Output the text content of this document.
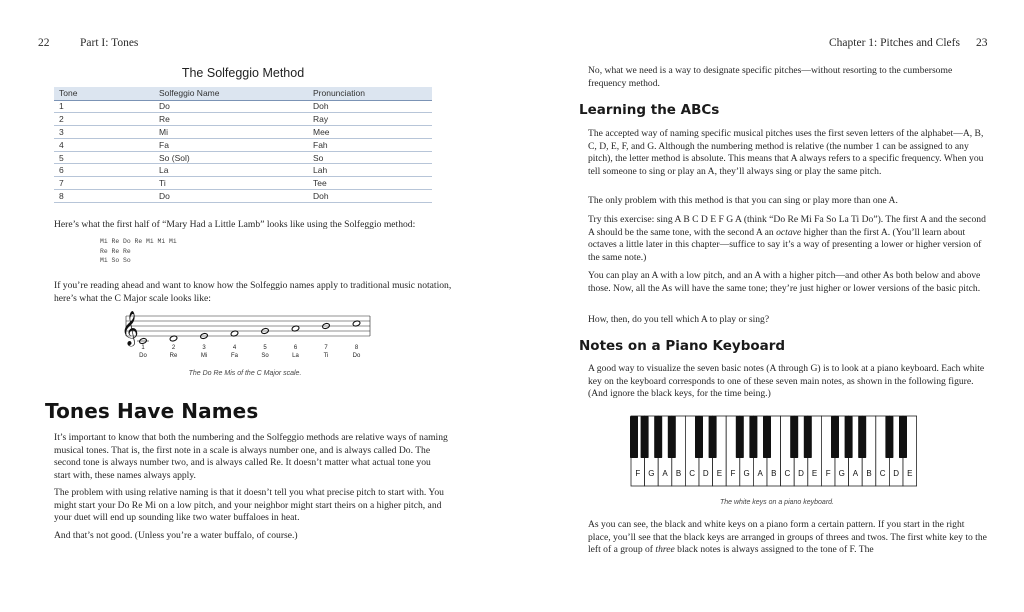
22	Part I: Tones
The Solfeggio Method
Tone	Solfeggio Name	Pronunciation
1	Do	Doh
2	Re	Ray
3	Mi	Mee
4	Fa	Fah
5	So (Sol)	So
6	La	Lah
7	Ti	Tee
8	Do	Doh

Here’s what the first half of “Mary Had a Little Lamb” looks like using the Solfeggio method:

Mi Re Do Re Mi Mi Mi
Re Re Re
Mi So So

If you’re reading ahead and want to know how the Solfeggio names apply to traditional music notation, here’s what the C Major scale looks like:

𝄞
1
Do
2
Re
3
Mi
4
Fa
5
So
6
La
7
Ti
8
Do
The Do Re Mis of the C Major scale.
Tones Have Names

It’s important to know that both the numbering and the Solfeggio methods are relative ways of naming musical tones. That is, the first note in a scale is always number one, and is always called Do. The second tone is always number two, and is always called Re. It doesn’t matter what actual tone you start with, these names always apply.

The problem with using relative naming is that it doesn’t tell you what precise pitch to start with. You might start your Do Re Mi on a low pitch, and your neighbor might start theirs on a higher pitch, and your duet will end up sounding like two water buffaloes in heat.

And that’s not good. (Unless you’re a water buffalo, of course.)

Chapter 1: Pitches and Clefs 23

No, what we need is a way to designate specific pitches—without resorting to the cumbersome frequency method.

Learning the ABCs

The accepted way of naming specific musical pitches uses the first seven letters of the alphabet—A, B, C, D, E, F, and G. Although the numbering method is relative (the number 1 can be assigned to any pitch), the letter method is absolute. This means that A always refers to a specific frequency. When you tell someone to sing or play an A, they’ll always sing or play the same pitch.

The only problem with this method is that you can sing or play more than one A.

Try this exercise: sing A B C D E F G A (think “Do Re Mi Fa So La Ti Do”). The first A and the second A should be the same tone, with the second A an octave higher than the first A. (You’ll learn about octaves a little later in this chapter—suffice to say it’s a way of presenting a lower or higher version of the same note.)

You can play an A with a low pitch, and an A with a higher pitch—and other As both below and above those. Now, all the As will have the same tone; they’re just higher or lower versions of the basic pitch.

How, then, do you tell which A to play or sing?

Notes on a Piano Keyboard

A good way to visualize the seven basic notes (A through G) is to look at a piano keyboard. Each white key on the keyboard corresponds to one of these seven main notes, as shown in the following figure. (And ignore the black keys, for the time being.)

F G A B C D E F G A B C D E F G A B C D E
The white keys on a piano keyboard.

As you can see, the black and white keys on a piano form a certain pattern. If you start in the right place, you’ll see that the black keys are arranged in groups of threes and twos. The first white key to the left of a group of three black notes is always assigned to the tone of F. The
